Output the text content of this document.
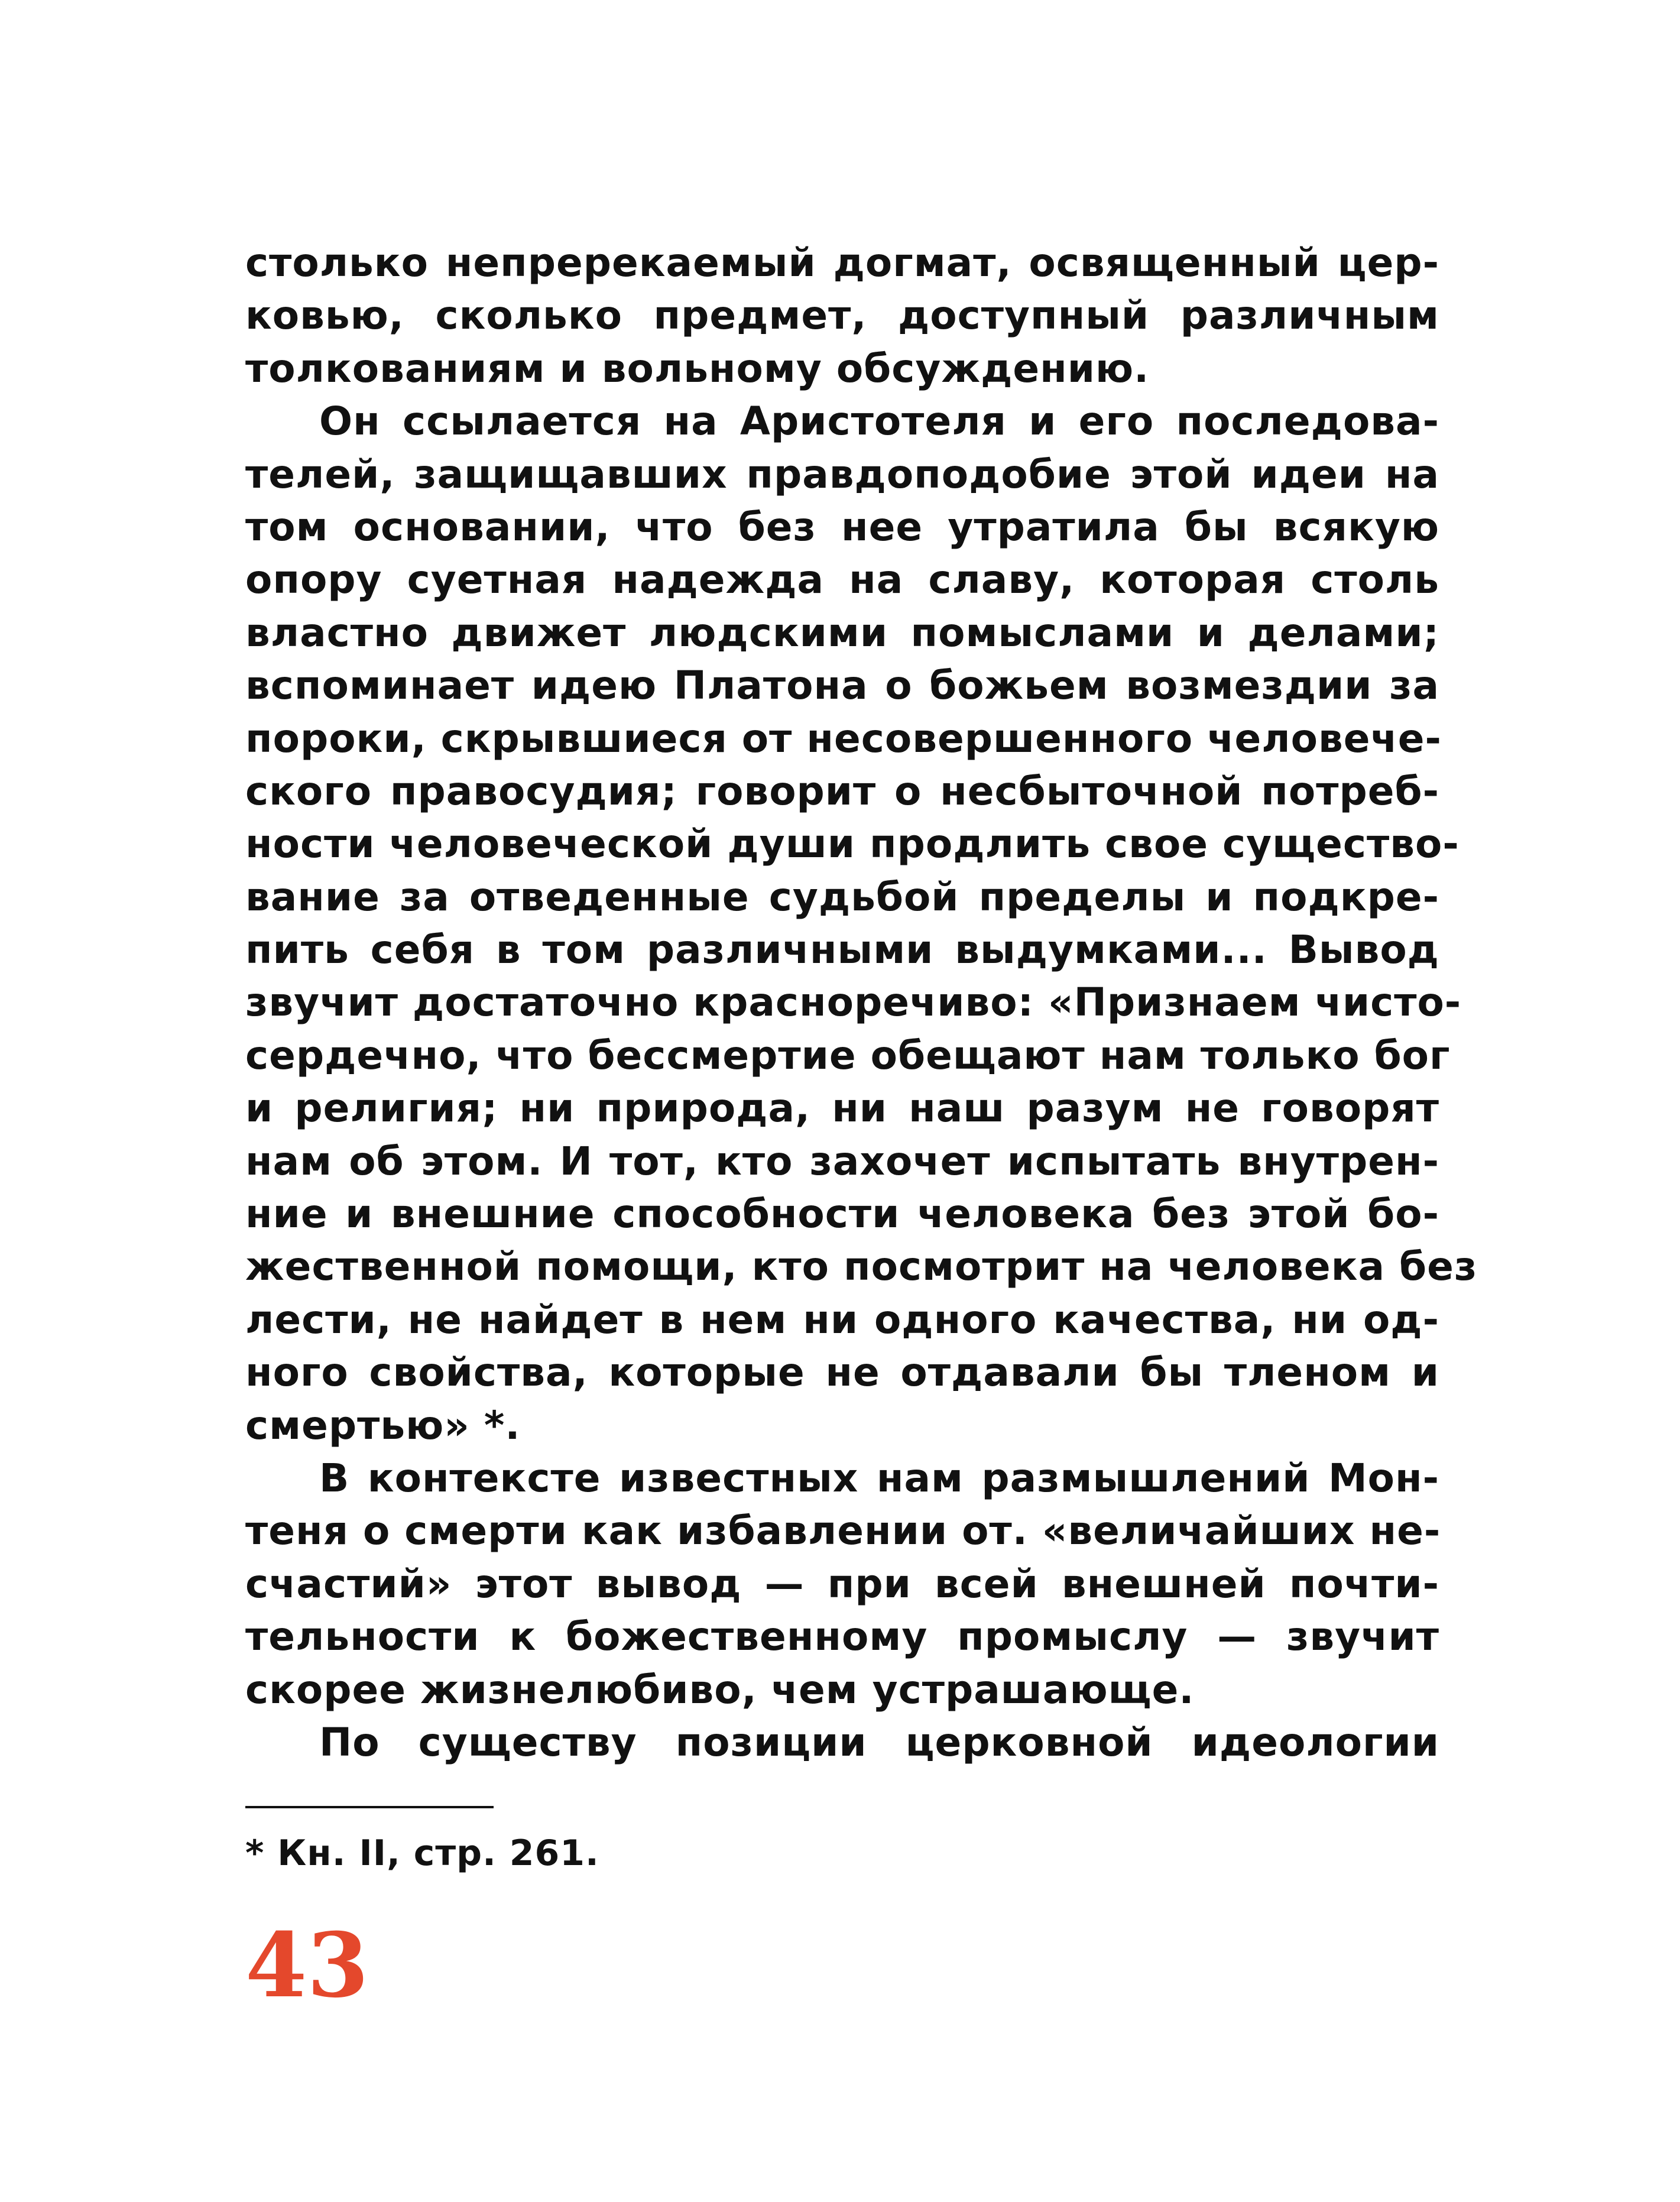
столько непререкаемый догмат, освященный цер-
ковью, сколько предмет, доступный различным
толкованиям и вольному обсуждению.
Он ссылается на Аристотеля и его последова-
телей, защищавших правдоподобие этой идеи на
том основании, что без нее утратила бы всякую
опору суетная надежда на славу, которая столь
властно движет людскими помыслами и делами;
вспоминает идею Платона о божьем возмездии за
пороки, скрывшиеся от несовершенного человече-
ского правосудия; говорит о несбыточной потреб-
ности человеческой души продлить свое существо-
вание за отведенные судьбой пределы и подкре-
пить себя в том различными выдумками... Вывод
звучит достаточно красноречиво: «Признаем чисто-
сердечно, что бессмертие обещают нам только бог
и религия; ни природа, ни наш разум не говорят
нам об этом. И тот, кто захочет испытать внутрен-
ние и внешние способности человека без этой бо-
жественной помощи, кто посмотрит на человека без
лести, не найдет в нем ни одного качества, ни од-
ного свойства, которые не отдавали бы тленом и
смертью» *.
В контексте известных нам размышлений Мон-
теня о смерти как избавлении от. «величайших не-
счастий» этот вывод — при всей внешней почти-
тельности к божественному промыслу — звучит
скорее жизнелюбиво, чем устрашающе.
По существу позиции церковной идеологии
* Кн. II, стр. 261.
43
